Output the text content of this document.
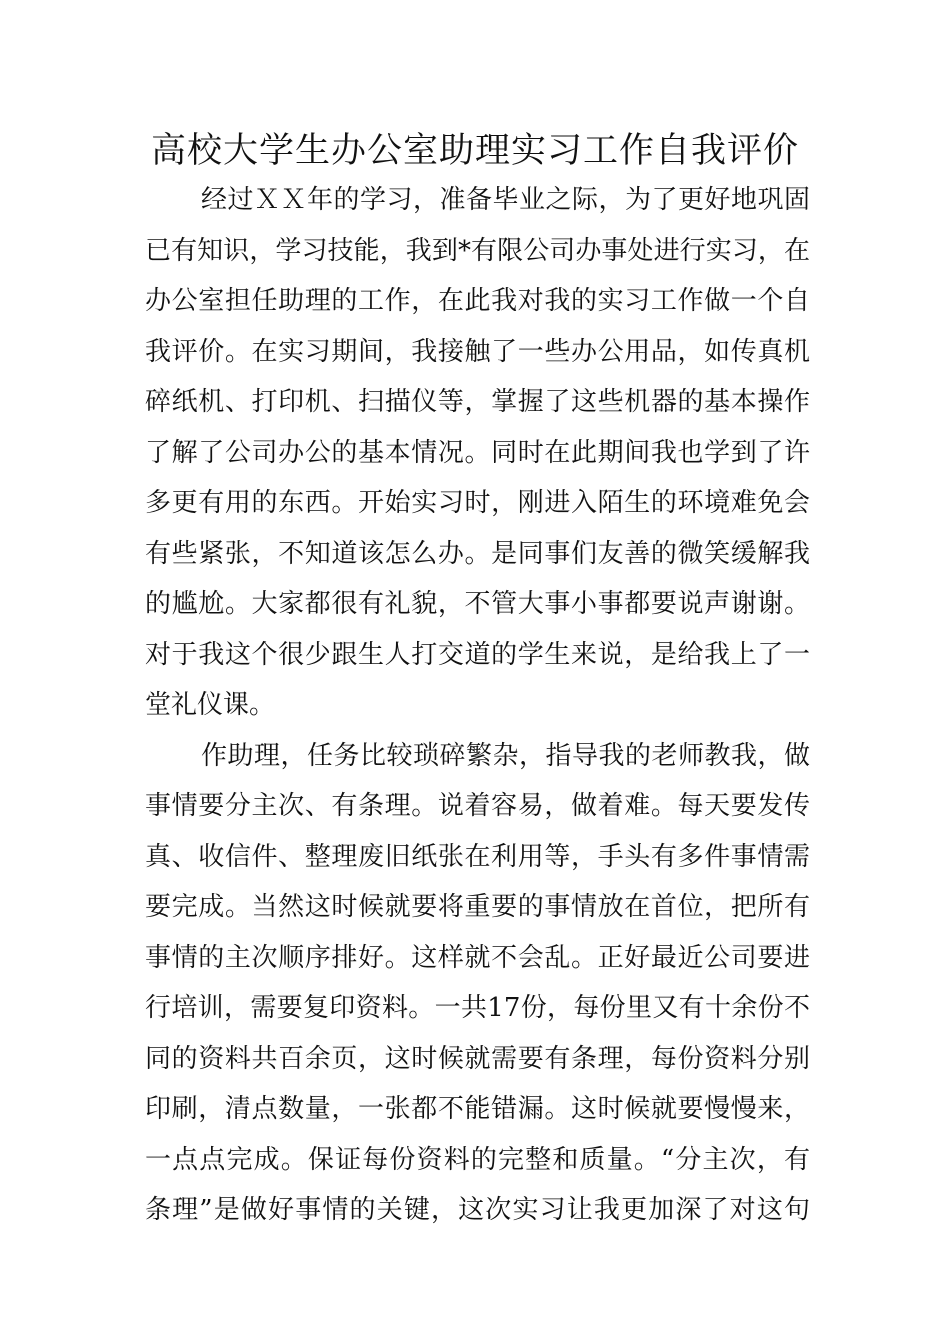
高校大学生办公室助理实习工作自我评价
经过ＸＸ年的学习，准备毕业之际，为了更好地巩固
已有知识，学习技能，我到*有限公司办事处进行实习，在
办公室担任助理的工作，在此我对我的实习工作做一个自
我评价。在实习期间，我接触了一些办公用品，如传真机
碎纸机、打印机、扫描仪等，掌握了这些机器的基本操作
了解了公司办公的基本情况。同时在此期间我也学到了许
多更有用的东西。开始实习时，刚进入陌生的环境难免会
有些紧张，不知道该怎么办。是同事们友善的微笑缓解我
的尴尬。大家都很有礼貌，不管大事小事都要说声谢谢。
对于我这个很少跟生人打交道的学生来说，是给我上了一
堂礼仪课。
作助理，任务比较琐碎繁杂，指导我的老师教我，做
事情要分主次、有条理。说着容易，做着难。每天要发传
真、收信件、整理废旧纸张在利用等，手头有多件事情需
要完成。当然这时候就要将重要的事情放在首位，把所有
事情的主次顺序排好。这样就不会乱。正好最近公司要进
行培训，需要复印资料。一共17份，每份里又有十余份不
同的资料共百余页，这时候就需要有条理，每份资料分别
印刷，清点数量，一张都不能错漏。这时候就要慢慢来，
一点点完成。保证每份资料的完整和质量。“分主次，有
条理”是做好事情的关键，这次实习让我更加深了对这句
